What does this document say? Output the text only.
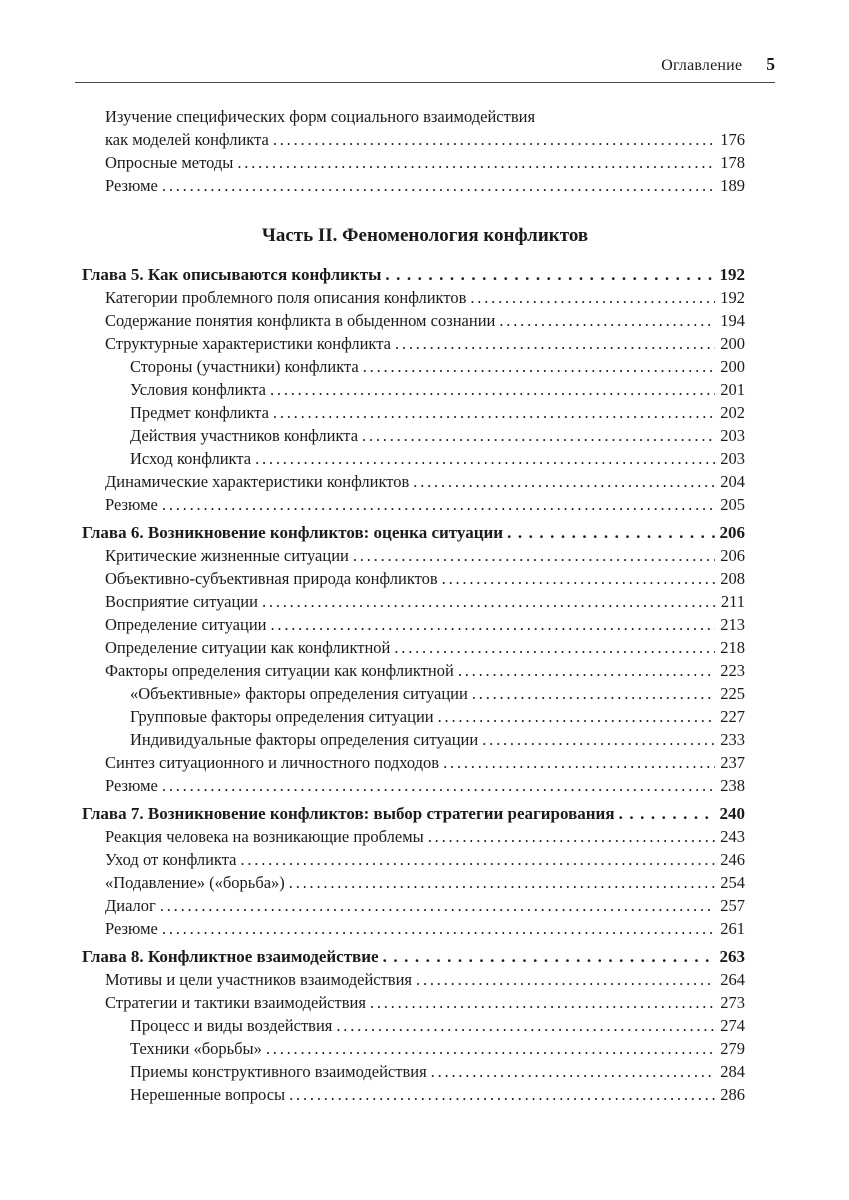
Оглавление 5
Изучение специфических форм социального взаимодействия
как моделей конфликта .....	176
Опросные методы .....	178
Резюме .....	189
Часть II. Феноменология конфликтов
Глава 5. Как описываются конфликты .....	192
Категории проблемного поля описания конфликтов .....	192
Содержание понятия конфликта в обыденном сознании .....	194
Структурные характеристики конфликта .....	200
Стороны (участники) конфликта .....	200
Условия конфликта .....	201
Предмет конфликта .....	202
Действия участников конфликта .....	203
Исход конфликта .....	203
Динамические характеристики конфликтов .....	204
Резюме .....	205
Глава 6. Возникновение конфликтов: оценка ситуации .....	206
Критические жизненные ситуации .....	206
Объективно-субъективная природа конфликтов .....	208
Восприятие ситуации .....	211
Определение ситуации .....	213
Определение ситуации как конфликтной .....	218
Факторы определения ситуации как конфликтной .....	223
«Объективные» факторы определения ситуации .....	225
Групповые факторы определения ситуации .....	227
Индивидуальные факторы определения ситуации .....	233
Синтез ситуационного и личностного подходов .....	237
Резюме .....	238
Глава 7. Возникновение конфликтов: выбор стратегии реагирования .....	240
Реакция человека на возникающие проблемы .....	243
Уход от конфликта .....	246
«Подавление» («борьба») .....	254
Диалог .....	257
Резюме .....	261
Глава 8. Конфликтное взаимодействие .....	263
Мотивы и цели участников взаимодействия .....	264
Стратегии и тактики взаимодействия .....	273
Процесс и виды воздействия .....	274
Техники «борьбы» .....	279
Приемы конструктивного взаимодействия .....	284
Нерешенные вопросы .....	286
